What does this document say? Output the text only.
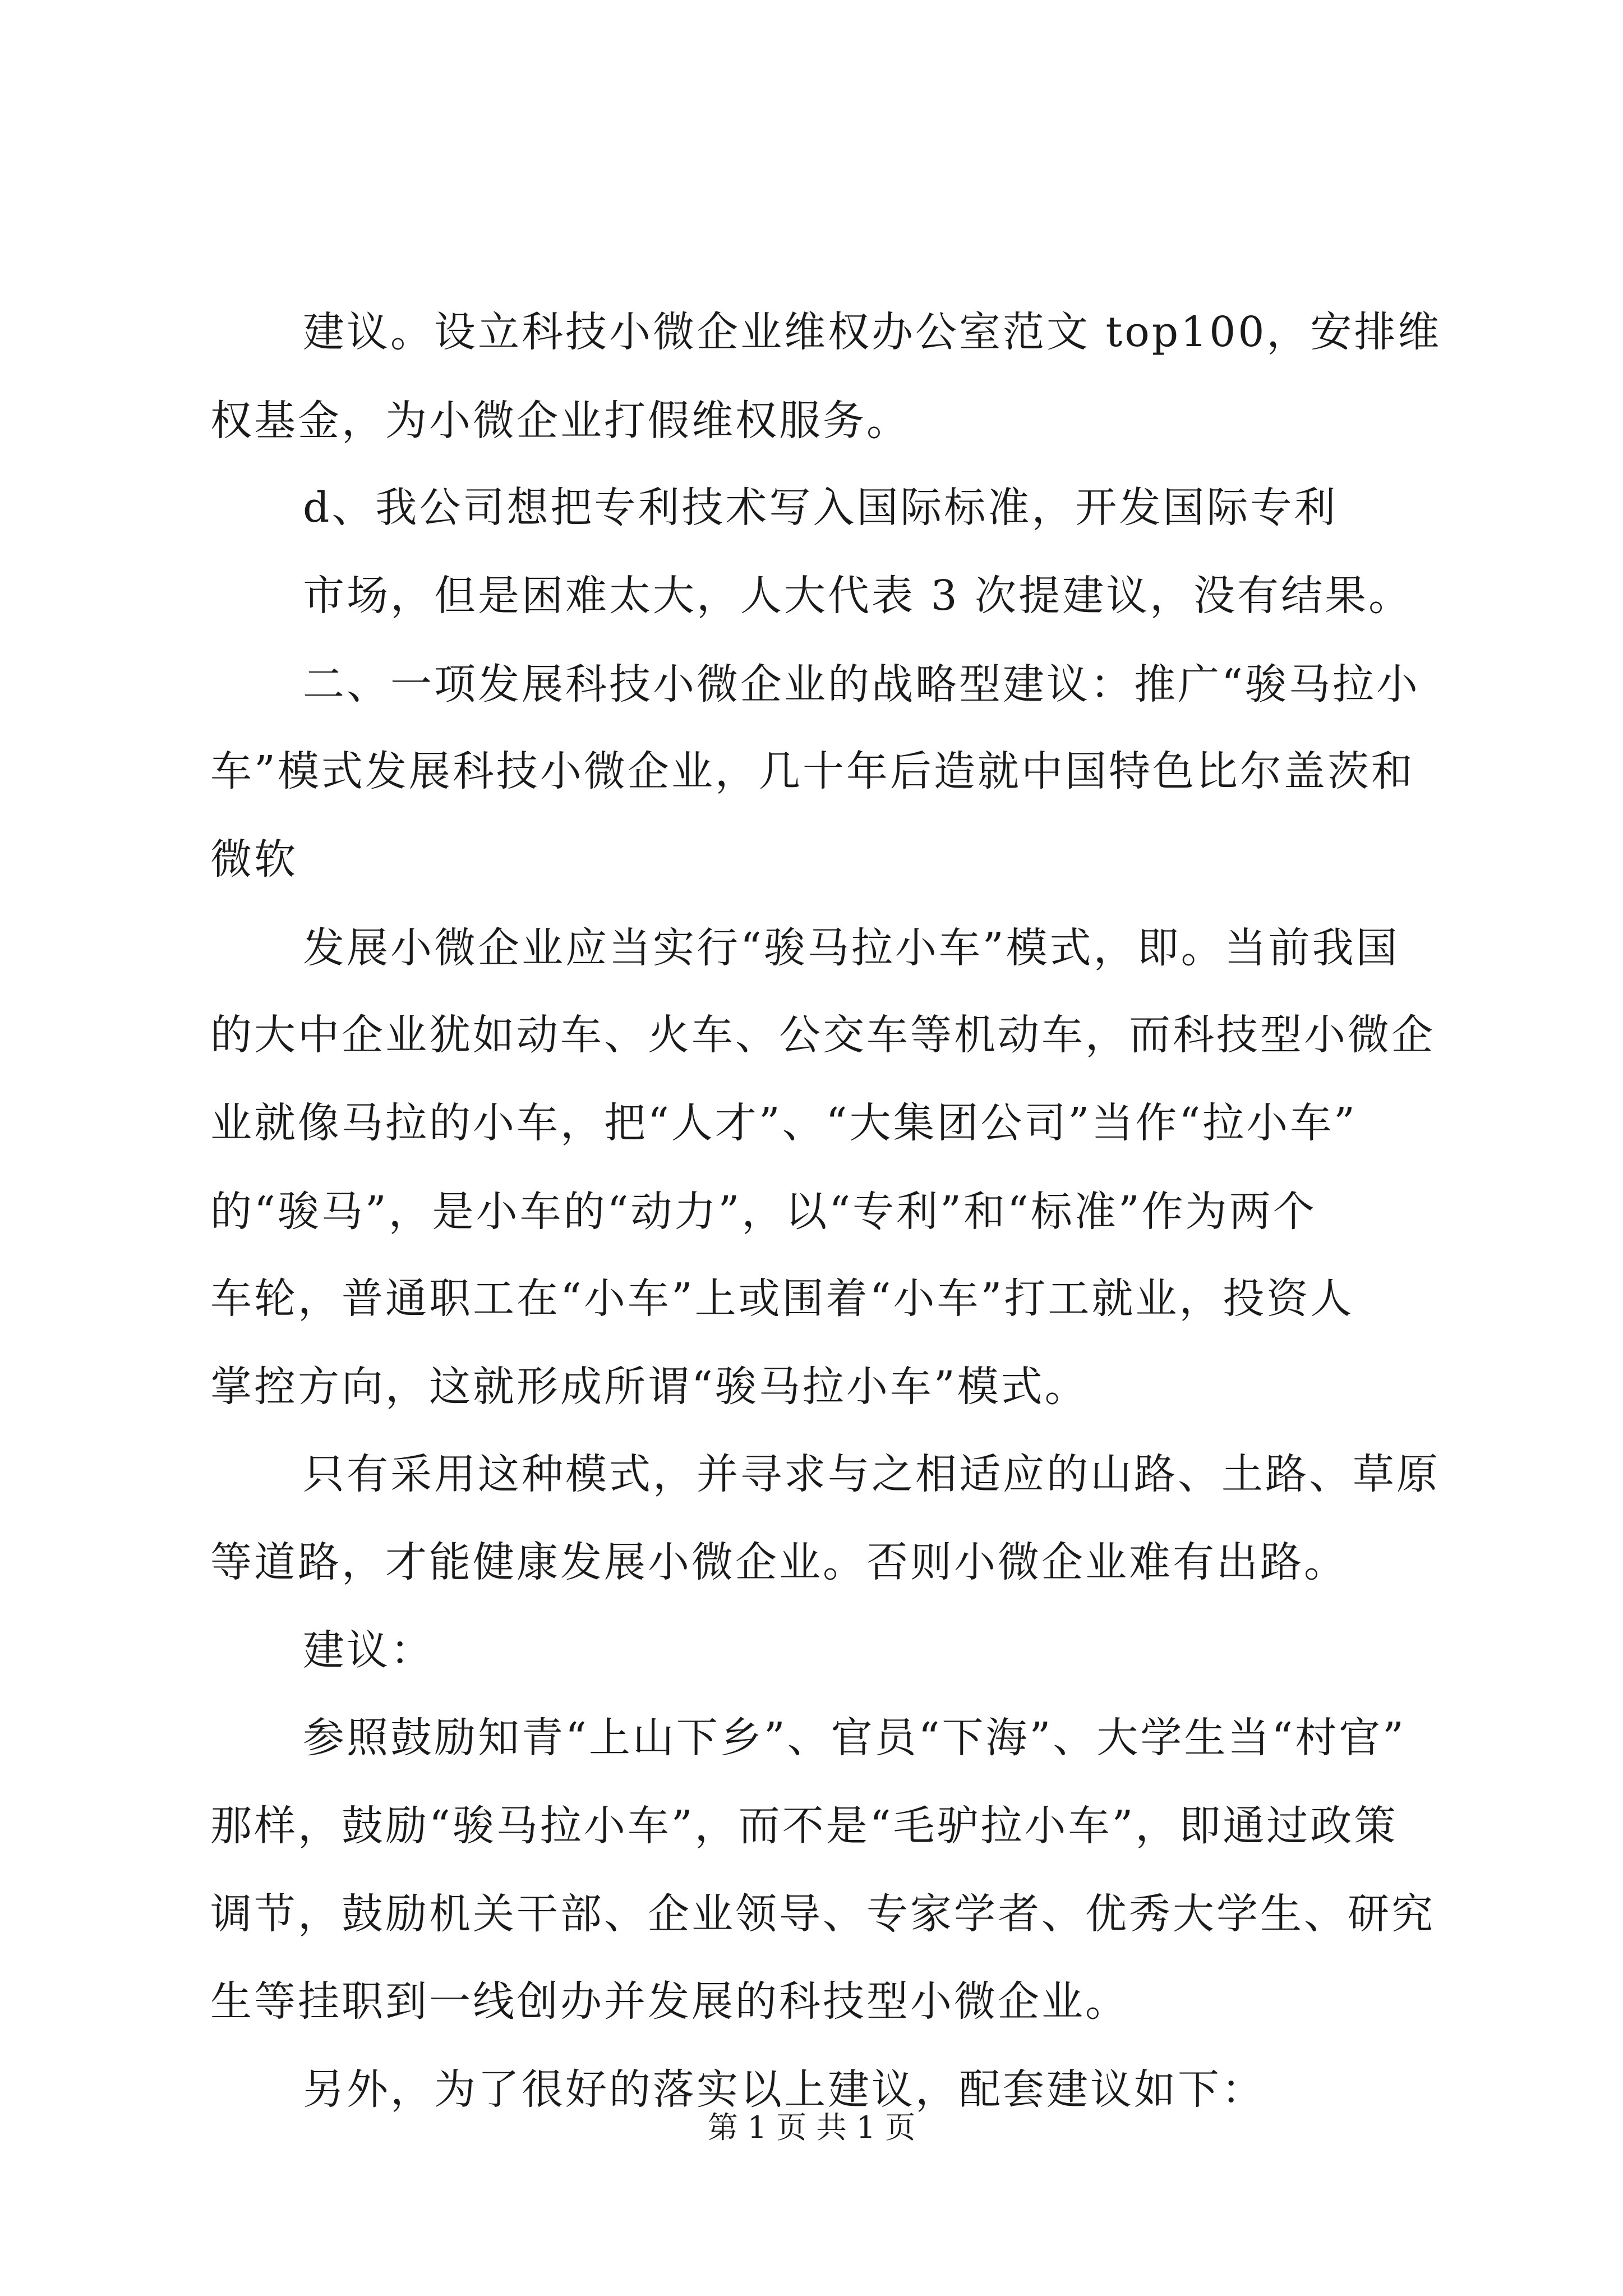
建议。设立科技小微企业维权办公室范文 top100，安排维
权基金，为小微企业打假维权服务。
d、我公司想把专利技术写入国际标准，开发国际专利
市场，但是困难太大，人大代表 3 次提建议，没有结果。
二、一项发展科技小微企业的战略型建议：推广“骏马拉小
车”模式发展科技小微企业，几十年后造就中国特色比尔盖茨和
微软
发展小微企业应当实行“骏马拉小车”模式，即。当前我国
的大中企业犹如动车、火车、公交车等机动车，而科技型小微企
业就像马拉的小车，把“人才”、“大集团公司”当作“拉小车”
的“骏马”，是小车的“动力”，以“专利”和“标准”作为两个
车轮，普通职工在“小车”上或围着“小车”打工就业，投资人
掌控方向，这就形成所谓“骏马拉小车”模式。
只有采用这种模式，并寻求与之相适应的山路、土路、草原
等道路，才能健康发展小微企业。否则小微企业难有出路。
建议：
参照鼓励知青“上山下乡”、官员“下海”、大学生当“村官”
那样，鼓励“骏马拉小车”，而不是“毛驴拉小车”，即通过政策
调节，鼓励机关干部、企业领导、专家学者、优秀大学生、研究
生等挂职到一线创办并发展的科技型小微企业。
另外，为了很好的落实以上建议，配套建议如下：
第 1 页 共 1 页
